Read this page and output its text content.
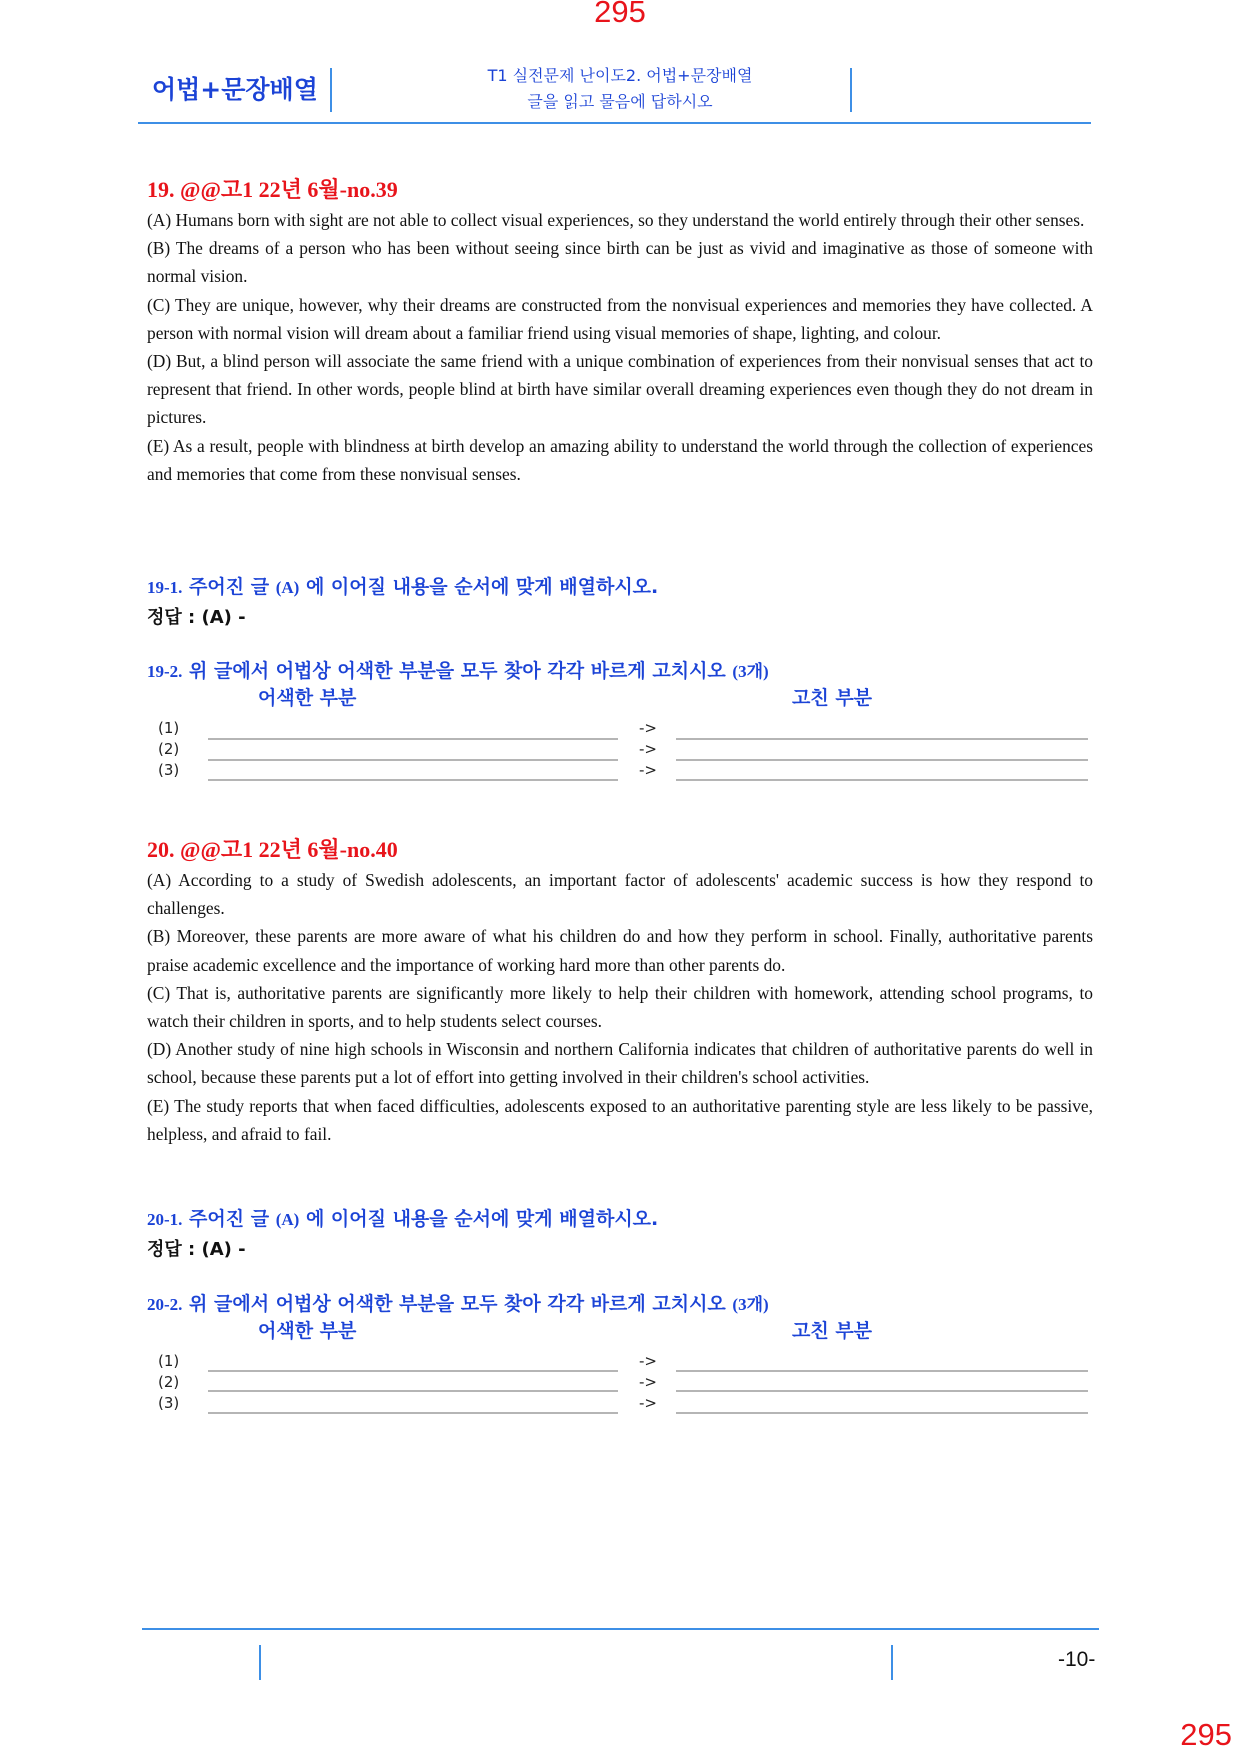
295
어법+문장배열	T1 실전문제 난이도2. 어법+문장배열
글을 읽고 물음에 답하시오
19. @@고1 22년 6월-no.39

(A) Humans born with sight are not able to collect visual experiences, so they understand the world entirely through their other senses.

(B) The dreams of a person who has been without seeing since birth can be just as vivid and imaginative as those of someone with normal vision.

(C) They are unique, however, why their dreams are constructed from the nonvisual experiences and memories they have collected. A person with normal vision will dream about a familiar friend using visual memories of shape, lighting, and colour.

(D) But, a blind person will associate the same friend with a unique combination of experiences from their nonvisual senses that act to represent that friend. In other words, people blind at birth have similar overall dreaming experiences even though they do not dream in pictures.

(E) As a result, people with blindness at birth develop an amazing ability to understand the world through the collection of experiences and memories that come from these nonvisual senses.

19-1. 주어진 글 (A) 에 이어질 내용을 순서에 맞게 배열하시오.
정답 : (A) -
19-2. 위 글에서 어법상 어색한 부분을 모두 찾아 각각 바르게 고치시오 (3개)
어색한 부분	고친 부분
(1)	->
(2)	->
(3)	->
20. @@고1 22년 6월-no.40

(A) According to a study of Swedish adolescents, an important factor of adolescents' academic success is how they respond to challenges.

(B) Moreover, these parents are more aware of what his children do and how they perform in school. Finally, authoritative parents praise academic excellence and the importance of working hard more than other parents do.

(C) That is, authoritative parents are significantly more likely to help their children with homework, attending school programs, to watch their children in sports, and to help students select courses.

(D) Another study of nine high schools in Wisconsin and northern California indicates that children of authoritative parents do well in school, because these parents put a lot of effort into getting involved in their children's school activities.

(E) The study reports that when faced difficulties, adolescents exposed to an authoritative parenting style are less likely to be passive, helpless, and afraid to fail.

20-1. 주어진 글 (A) 에 이어질 내용을 순서에 맞게 배열하시오.
정답 : (A) -
20-2. 위 글에서 어법상 어색한 부분을 모두 찾아 각각 바르게 고치시오 (3개)
어색한 부분	고친 부분
(1)	->
(2)	->
(3)	->
-10-
295
